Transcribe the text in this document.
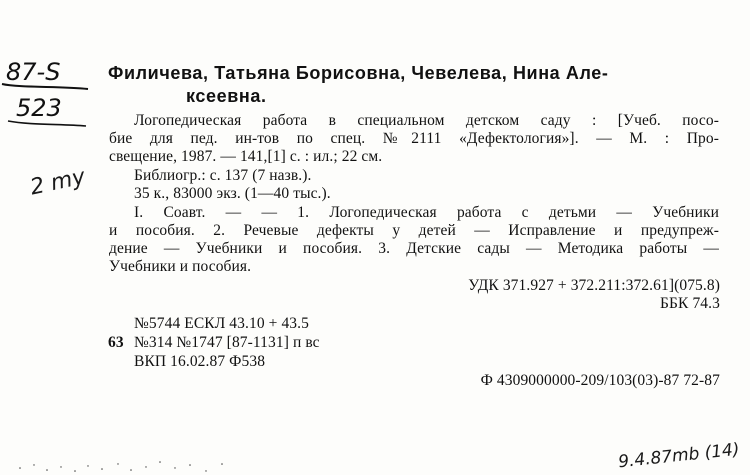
87-S
523
2 my
Филичева, Татьяна Борисовна, Чевелева, Нина Але-
ксеевна.
Логопедическая работа в специальном детском саду : [Учеб. посо-
бие для пед. ин-тов по спец. №2111 «Дефектология»]. — М. : Про-
свещение, 1987. — 141,[1] с. : ил.; 22 см.
Библиогр.: с. 137 (7 назв.).
35 к., 83000 экз. (1—40 тыс.).
I. Соавт. — — 1. Логопедическая работа с детьми — Учебники
и пособия. 2. Речевые дефекты у детей — Исправление и предупреж-
дение — Учебники и пособия. 3. Детские сады — Методика работы —
Учебники и пособия.
УДК 371.927 + 372.211:372.61](075.8)
ББК 74.3
№5744 ЕСКЛ 43.10 + 43.5
63 №314 №1747 [87-1131] п вс
ВКП 16.02.87 Ф538
Ф 4309000000-209/103(03)-87 72-87
9.4.87mb (14)
